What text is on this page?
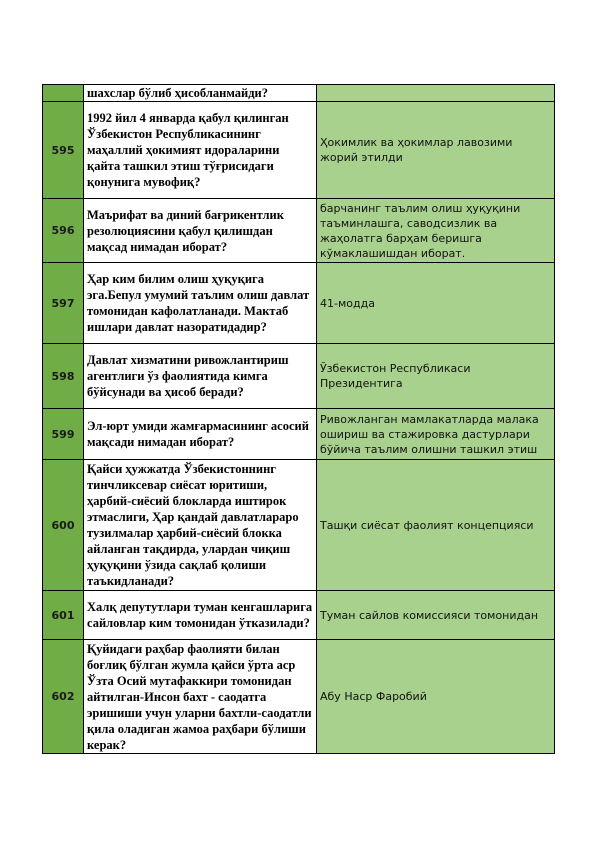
	шахслар бўлиб ҳисобланмайди?	
595	1992 йил 4 январда қабул қилинган Ўзбекистон Республикасининг маҳаллий ҳокимият идораларини қайта ташкил этиш тўғрисидаги қонунига мувофиқ?	Ҳокимлик ва ҳокимлар лавозими жорий этилди
596	Маърифат ва диний бағрикентлик резолюциясини қабул қилишдан мақсад нимадан иборат?	барчанинг таълим олиш ҳуқуқини таъминлашга, саводсизлик ва жаҳолатга барҳам беришга кўмаклашишдан иборат.
597	Ҳар ким билим олиш ҳуқуқига эга.Бепул умумий таълим олиш давлат томонидан кафолатланади. Мактаб ишлари давлат назоратидадир?	41-модда
598	Давлат хизматини ривожлантириш агентлиги ўз фаолиятида кимга бўйсунади ва ҳисоб беради?	Ўзбекистон Республикаси Президентига
599	Эл-юрт умиди жамғармасининг асосий мақсади нимадан иборат?	Ривожланган мамлакатларда малака ошириш ва стажировка дастурлари бўйича таълим олишни ташкил этиш
600	Қайси ҳужжатда Ўзбекистоннинг тинчликсевар сиёсат юритиши, ҳарбий-сиёсий блокларда иштирок этмаслиги, Ҳар қандай давлатлараро тузилмалар ҳарбий-сиёсий блокка айланган тақдирда, улардан чиқиш ҳуқуқини ўзида сақлаб қолиши таъкидланади?	Ташқи сиёсат фаолият концепцияси
601	Халқ депутутлари туман кенгашларига сайловлар ким томонидан ўтказилади?	Туман сайлов комиссияси томонидан
602	Қуйидаги раҳбар фаолияти билан боғлиқ бўлган жумла қайси ўрта аср Ўзта Осий мутафаккири томонидан айтилган-Инсон бахт - саодатга эришиши учун уларни бахтли-саодатли қила оладиган жамоа раҳбари бўлиши керак?	Абу Наср Фаробий
